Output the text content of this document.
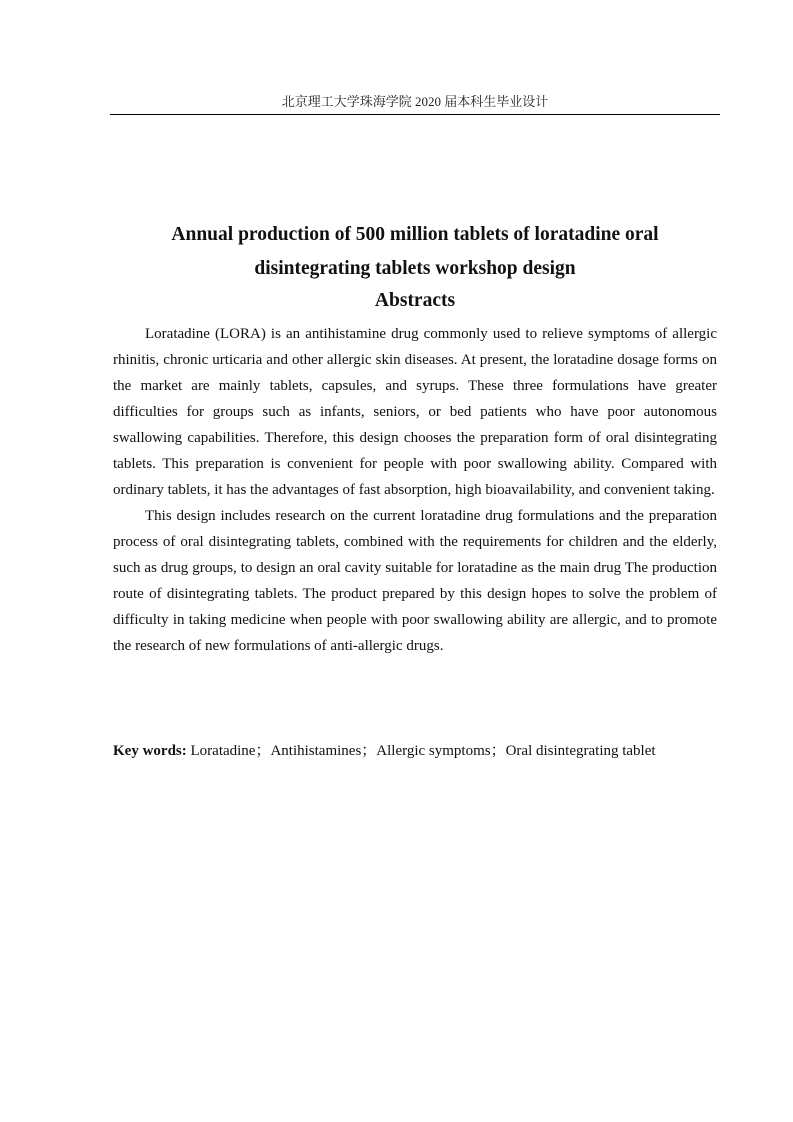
北京理工大学珠海学院 2020 届本科生毕业设计
Annual production of 500 million tablets of loratadine oral
disintegrating tablets workshop design
Abstracts

Loratadine (LORA) is an antihistamine drug commonly used to relieve symptoms of allergic rhinitis, chronic urticaria and other allergic skin diseases. At present, the loratadine dosage forms on the market are mainly tablets, capsules, and syrups. These three formulations have greater difficulties for groups such as infants, seniors, or bed patients who have poor autonomous swallowing capabilities. Therefore, this design chooses the preparation form of oral disintegrating tablets. This preparation is convenient for people with poor swallowing ability. Compared with ordinary tablets, it has the advantages of fast absorption, high bioavailability, and convenient taking.

This design includes research on the current loratadine drug formulations and the preparation process of oral disintegrating tablets, combined with the requirements for children and the elderly, such as drug groups, to design an oral cavity suitable for loratadine as the main drug The production route of disintegrating tablets. The product prepared by this design hopes to solve the problem of difficulty in taking medicine when people with poor swallowing ability are allergic, and to promote the research of new formulations of anti-allergic drugs.

Key words: Loratadine；Antihistamines；Allergic symptoms；Oral disintegrating tablet
